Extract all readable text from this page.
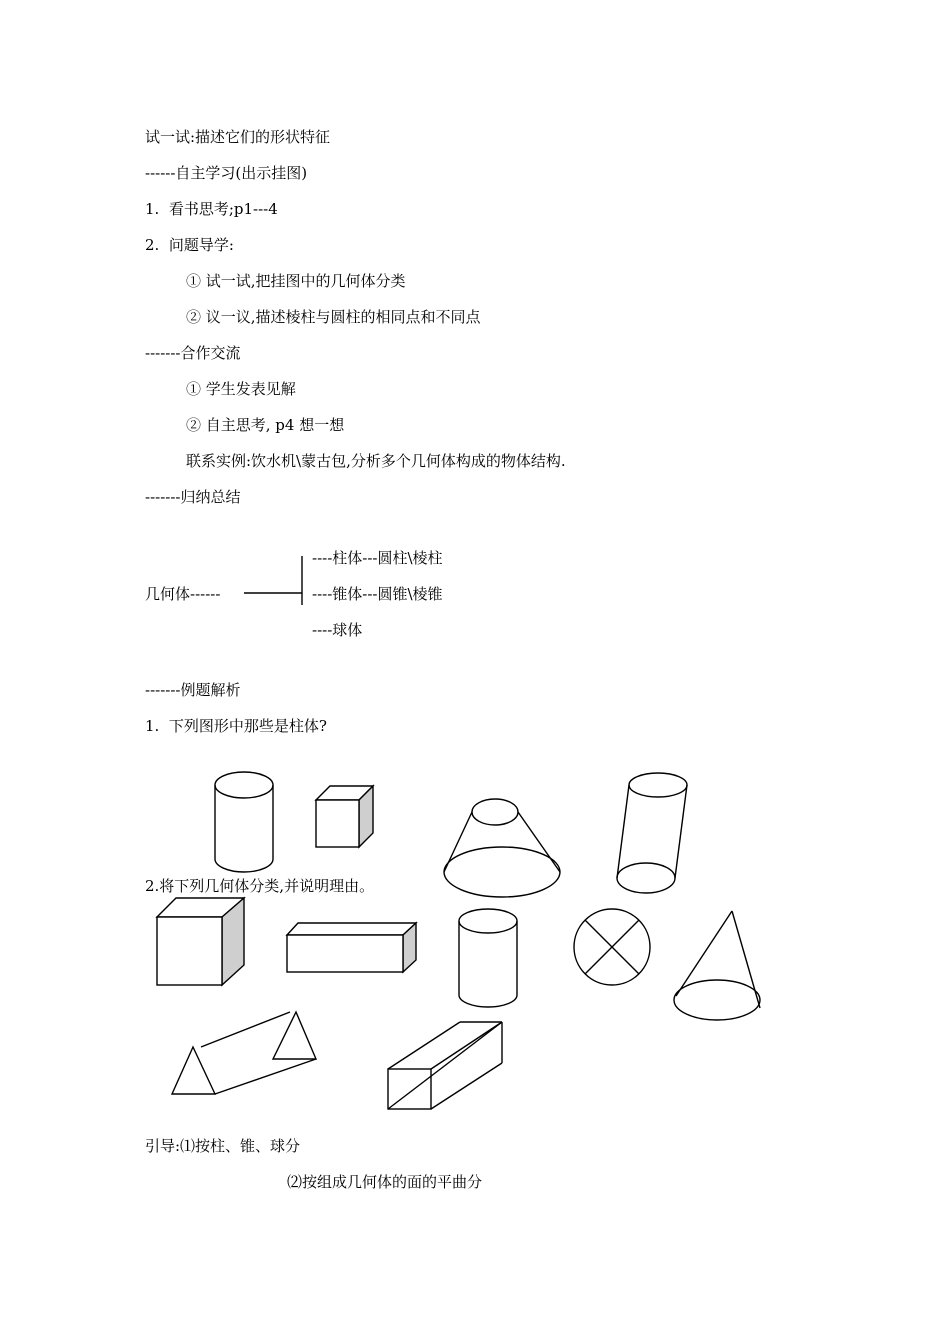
试一试:描述它们的形状特征
------自主学习(出示挂图)
1.  看书思考;p1---4
2.  问题导学:
① 试一试,把挂图中的几何体分类
② 议一议,描述棱柱与圆柱的相同点和不同点
-------合作交流
① 学生发表见解
② 自主思考, p4 想一想
联系实例:饮水机\蒙古包,分析多个几何体构成的物体结构.
-------归纳总结
几何体------
----柱体---圆柱\棱柱
----锥体---圆锥\棱锥
----球体
-------例题解析
1.  下列图形中那些是柱体?
2.将下列几何体分类,并说明理由。
引导:⑴按柱、锥、球分
⑵按组成几何体的面的平曲分
